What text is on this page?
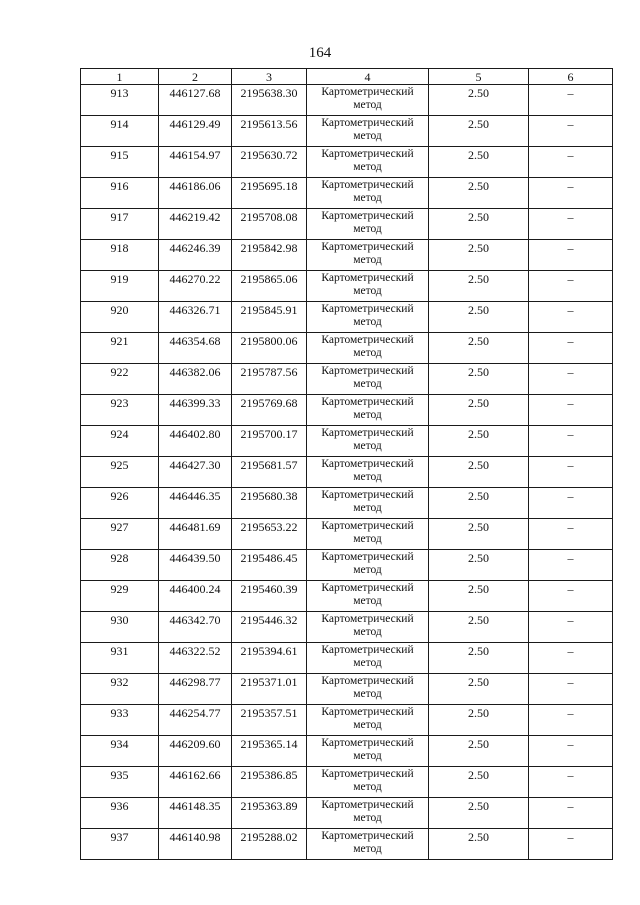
164
1	2	3	4	5	6
913	446127.68	2195638.30	Картометрический метод	2.50	–
914	446129.49	2195613.56	Картометрический метод	2.50	–
915	446154.97	2195630.72	Картометрический метод	2.50	–
916	446186.06	2195695.18	Картометрический метод	2.50	–
917	446219.42	2195708.08	Картометрический метод	2.50	–
918	446246.39	2195842.98	Картометрический метод	2.50	–
919	446270.22	2195865.06	Картометрический метод	2.50	–
920	446326.71	2195845.91	Картометрический метод	2.50	–
921	446354.68	2195800.06	Картометрический метод	2.50	–
922	446382.06	2195787.56	Картометрический метод	2.50	–
923	446399.33	2195769.68	Картометрический метод	2.50	–
924	446402.80	2195700.17	Картометрический метод	2.50	–
925	446427.30	2195681.57	Картометрический метод	2.50	–
926	446446.35	2195680.38	Картометрический метод	2.50	–
927	446481.69	2195653.22	Картометрический метод	2.50	–
928	446439.50	2195486.45	Картометрический метод	2.50	–
929	446400.24	2195460.39	Картометрический метод	2.50	–
930	446342.70	2195446.32	Картометрический метод	2.50	–
931	446322.52	2195394.61	Картометрический метод	2.50	–
932	446298.77	2195371.01	Картометрический метод	2.50	–
933	446254.77	2195357.51	Картометрический метод	2.50	–
934	446209.60	2195365.14	Картометрический метод	2.50	–
935	446162.66	2195386.85	Картометрический метод	2.50	–
936	446148.35	2195363.89	Картометрический метод	2.50	–
937	446140.98	2195288.02	Картометрический метод	2.50	–
